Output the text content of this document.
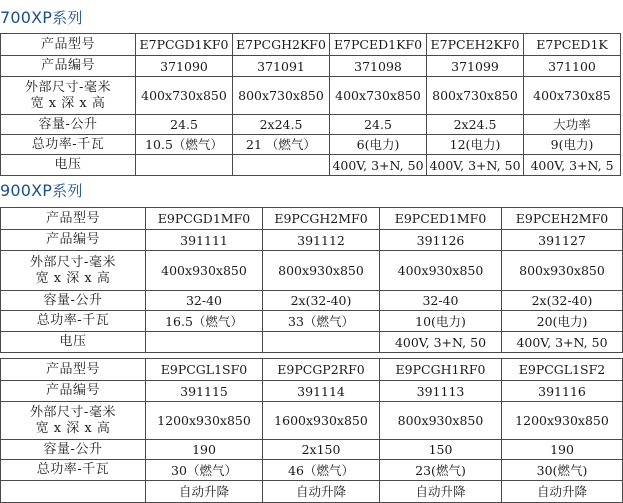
700XP系列
产品型号	E7PCGD1KF0	E7PCGH2KF0	E7PCED1KF0	E7PCEH2KF0	E7PCED1K
产品编号	371090	371091	371098	371099	371100

外部尺寸-毫米
宽 x 深 x 高	400x730x850	800x730x850	400x730x850	800x730x850	400x730x85
容量-公升	24.5	2x24.5	24.5	2x24.5	大功率
总功率-千瓦	10.5（燃气）	21 （燃气）	6(电力)	12(电力)	9(电力)
电压			400V, 3+N, 50	400V, 3+N, 50	400V, 3+N, 5
900XP系列
产品型号	E9PCGD1MF0	E9PCGH2MF0	E9PCED1MF0	E9PCEH2MF0
产品编号	391111	391112	391126	391127

外部尺寸-毫米
宽 x 深 x 高	400x930x850	800x930x850	400x930x850	800x930x850
容量-公升	32-40	2x(32-40)	32-40	2x(32-40)
总功率-千瓦	16.5（燃气）	33（燃气）	10(电力)	20(电力)
电压			400V, 3+N, 50	400V, 3+N, 50
产品型号	E9PCGL1SF0	E9PCGP2RF0	E9PCGH1RF0	E9PCGL1SF2
产品编号	391115	391114	391113	391116

外部尺寸-毫米
宽 x 深 x 高	1200x930x850	1600x930x850	800x930x850	1200x930x850
容量-公升	190	2x150	150	190
总功率-千瓦	30（燃气）	46（燃气）	23(燃气)	30(燃气)
	自动升降	自动升降	自动升降	自动升降
